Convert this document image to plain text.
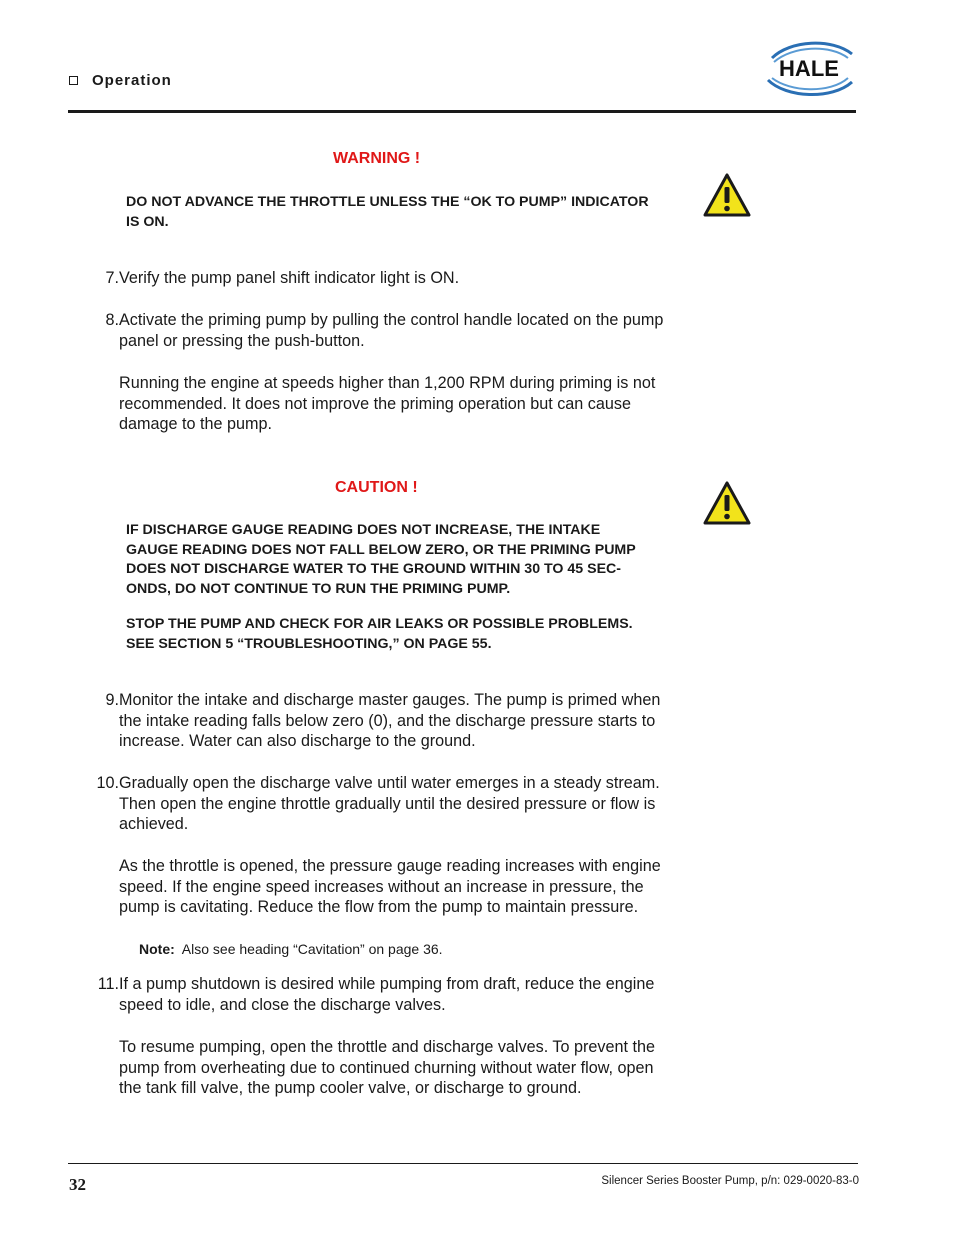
Operation	HALE
WARNING !
DO NOT ADVANCE THE THROTTLE UNLESS THE “OK TO PUMP” INDICATOR
IS ON.
7. Verify the pump panel shift indicator light is ON.
8. Activate the priming pump by pulling the control handle located on the pump
panel or pressing the push-button.
Running the engine at speeds higher than 1,200 RPM during priming is not
recommended. It does not improve the priming operation but can cause
damage to the pump.
CAUTION !
IF DISCHARGE GAUGE READING DOES NOT INCREASE, THE INTAKE
GAUGE READING DOES NOT FALL BELOW ZERO, OR THE PRIMING PUMP
DOES NOT DISCHARGE WATER TO THE GROUND WITHIN 30 TO 45 SEC-
ONDS, DO NOT CONTINUE TO RUN THE PRIMING PUMP.
STOP THE PUMP AND CHECK FOR AIR LEAKS OR POSSIBLE PROBLEMS.
SEE SECTION 5 “TROUBLESHOOTING,” ON PAGE 55.
9. Monitor the intake and discharge master gauges. The pump is primed when
the intake reading falls below zero (0), and the discharge pressure starts to
increase. Water can also discharge to the ground.
10. Gradually open the discharge valve until water emerges in a steady stream.
Then open the engine throttle gradually until the desired pressure or flow is
achieved.
As the throttle is opened, the pressure gauge reading increases with engine
speed. If the engine speed increases without an increase in pressure, the
pump is cavitating. Reduce the flow from the pump to maintain pressure.
Note: Also see heading “Cavitation” on page 36.
11. If a pump shutdown is desired while pumping from draft, reduce the engine
speed to idle, and close the discharge valves.
To resume pumping, open the throttle and discharge valves. To prevent the
pump from overheating due to continued churning without water flow, open
the tank fill valve, the pump cooler valve, or discharge to ground.
32	Silencer Series Booster Pump, p/n: 029-0020-83-0
